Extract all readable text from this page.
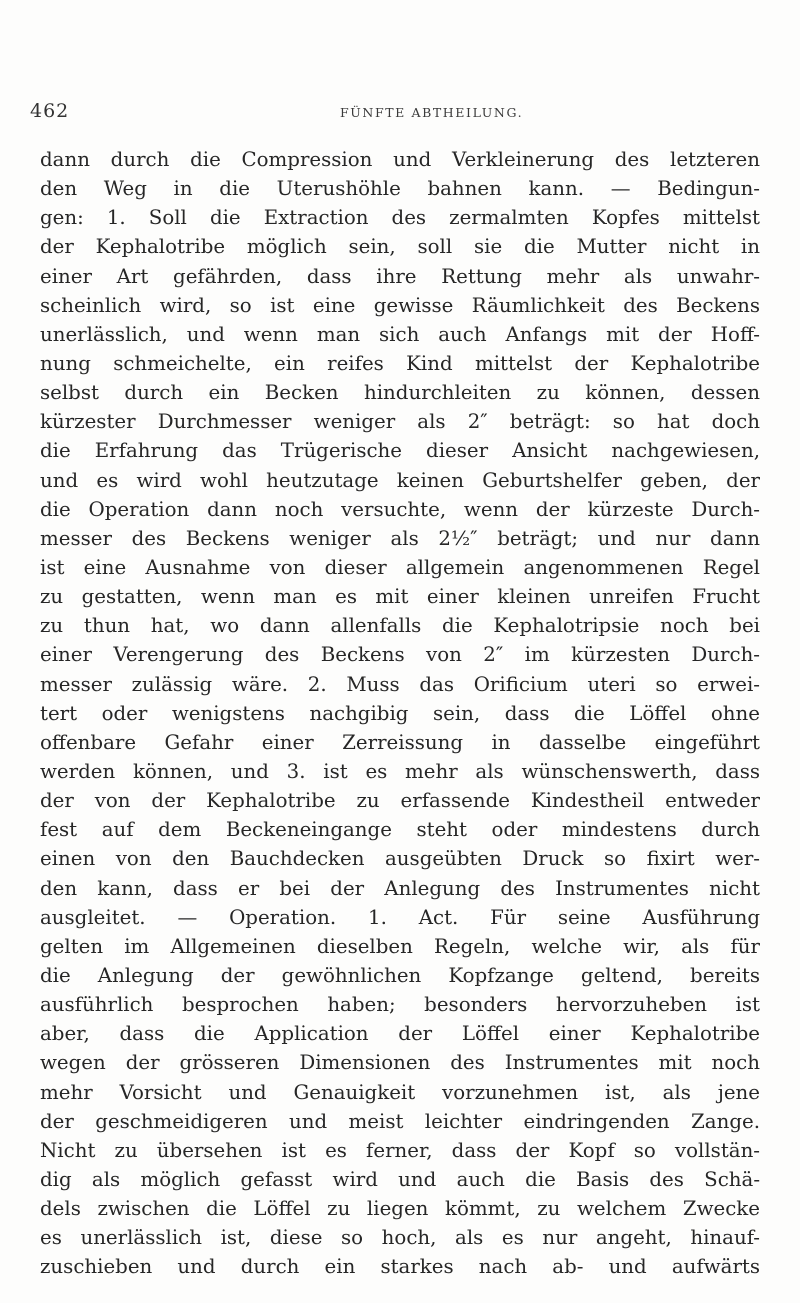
462	FÜNFTE ABTHEILUNG.
dann durch die Compression und Verkleinerung des letzteren
den Weg in die Uterushöhle bahnen kann. — Bedingun-
gen: 1. Soll die Extraction des zermalmten Kopfes mittelst
der Kephalotribe möglich sein, soll sie die Mutter nicht in
einer Art gefährden, dass ihre Rettung mehr als unwahr-
scheinlich wird, so ist eine gewisse Räumlichkeit des Beckens
unerlässlich, und wenn man sich auch Anfangs mit der Hoff-
nung schmeichelte, ein reifes Kind mittelst der Kephalotribe
selbst durch ein Becken hindurchleiten zu können, dessen
kürzester Durchmesser weniger als 2″ beträgt: so hat doch
die Erfahrung das Trügerische dieser Ansicht nachgewiesen,
und es wird wohl heutzutage keinen Geburtshelfer geben, der
die Operation dann noch versuchte, wenn der kürzeste Durch-
messer des Beckens weniger als 2½″ beträgt; und nur dann
ist eine Ausnahme von dieser allgemein angenommenen Regel
zu gestatten, wenn man es mit einer kleinen unreifen Frucht
zu thun hat, wo dann allenfalls die Kephalotripsie noch bei
einer Verengerung des Beckens von 2″ im kürzesten Durch-
messer zulässig wäre. 2. Muss das Orificium uteri so erwei-
tert oder wenigstens nachgibig sein, dass die Löffel ohne
offenbare Gefahr einer Zerreissung in dasselbe eingeführt
werden können, und 3. ist es mehr als wünschenswerth, dass
der von der Kephalotribe zu erfassende Kindestheil entweder
fest auf dem Beckeneingange steht oder mindestens durch
einen von den Bauchdecken ausgeübten Druck so fixirt wer-
den kann, dass er bei der Anlegung des Instrumentes nicht
ausgleitet. — Operation. 1. Act. Für seine Ausführung
gelten im Allgemeinen dieselben Regeln, welche wir, als für
die Anlegung der gewöhnlichen Kopfzange geltend, bereits
ausführlich besprochen haben; besonders hervorzuheben ist
aber, dass die Application der Löffel einer Kephalotribe
wegen der grösseren Dimensionen des Instrumentes mit noch
mehr Vorsicht und Genauigkeit vorzunehmen ist, als jene
der geschmeidigeren und meist leichter eindringenden Zange.
Nicht zu übersehen ist es ferner, dass der Kopf so vollstän-
dig als möglich gefasst wird und auch die Basis des Schä-
dels zwischen die Löffel zu liegen kömmt, zu welchem Zwecke
es unerlässlich ist, diese so hoch, als es nur angeht, hinauf-
zuschieben und durch ein starkes nach ab- und aufwärts
